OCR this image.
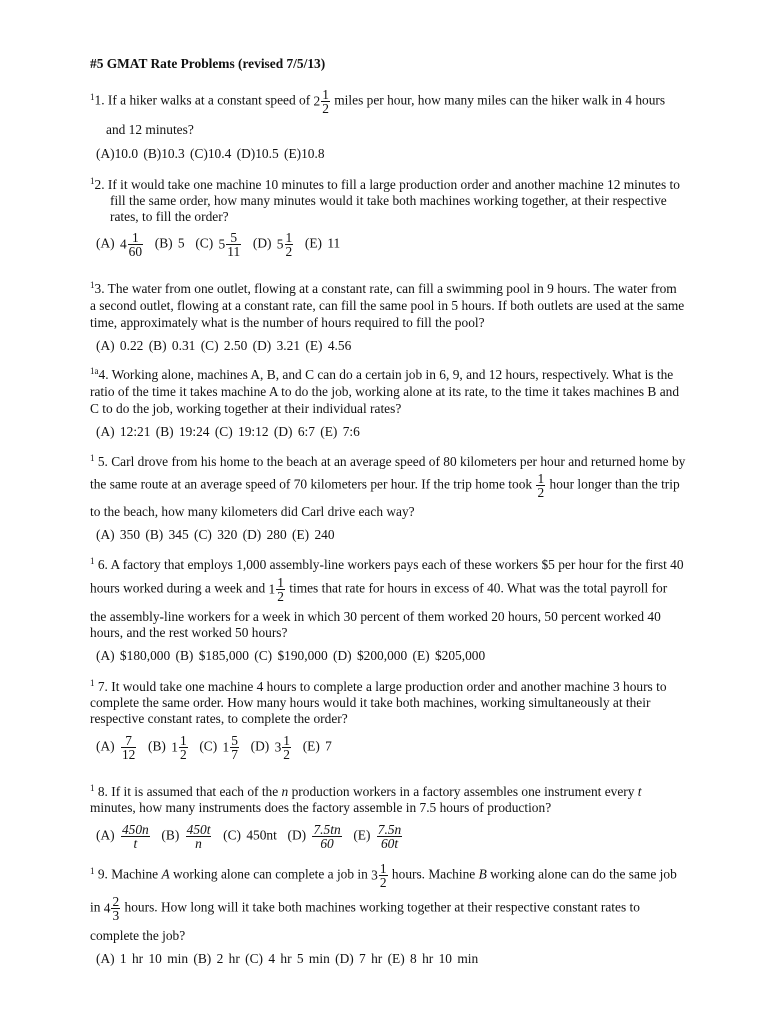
#5 GMAT Rate Problems (revised 7/5/13)
$^1$1. If a hiker walks at a constant speed of $2 \frac{1}{2}$ miles per hour, how many miles can the hiker walk in 4 hours
and 12 minutes?
(A)10.0 (B)10.3 (C)10.4 (D)10.5 (E)10.8
$^1$2. If it would take one machine 10 minutes to fill a large production order and another machine 12 minutes to
fill the same order, how many minutes would it take both machines working together, at their respective
rates, to fill the order?
(A) $4 \frac{1}{60} (B)$ 5 (C) $5 \frac{5}{11} (D)$ $5 \frac{1}{2} (E)$ 11
$^1$3. The water from one outlet, flowing at a constant rate, can fill a swimming pool in 9 hours. The water from
a second outlet, flowing at a constant rate, can fill the same pool in 5 hours. If both outlets are used at the same
time, approximately what is the number of hours required to fill the pool?
(A) 0.22 (B) 0.31 (C) 2.50 (D) 3.21 (E) 4.56
$^{1a}$4. Working alone, machines A, B, and C can do a certain job in 6, 9, and 12 hours, respectively. What is the
ratio of the time it takes machine A to do the job, working alone at its rate, to the time it takes machines B and
C to do the job, working together at their individual rates?
(A) 12:21 (B) 19:24 (C) 19:12 (D) 6:7 (E) 7:6
$^1$ 5. Carl drove from his home to the beach at an average speed of 80 kilometers per hour and returned home by
the same route at an average speed of 70 kilometers per hour. If the trip home took $\frac{1}{2}$ hour longer than the trip
to the beach, how many kilometers did Carl drive each way?
(A) 350 (B) 345 (C) 320 (D) 280 (E) 240
$^1$ 6. A factory that employs 1,000 assembly-line workers pays each of these workers $5 per hour for the first 40
hours worked during a week and $1 \frac{1}{2}$ times that rate for hours in excess of 40. What was the total payroll for
the assembly-line workers for a week in which 30 percent of them worked 20 hours, 50 percent worked 40
hours, and the rest worked 50 hours?
(A) $180,000 (B) $185,000 (C) $190,000 (D) $200,000 (E) $205,000
$^1$ 7. It would take one machine 4 hours to complete a large production order and another machine 3 hours to
complete the same order. How many hours would it take both machines, working simultaneously at their
respective constant rates, to complete the order?
$(A) \frac{7}{12} (B)$ $1 \frac{1}{2} (C)$ $1 \frac{5}{7} (D)$ $3 \frac{1}{2} (E)$ 7
$^1$ 8. If it is assumed that each of the n production workers in a factory assembles one instrument every t
minutes, how many instruments does the factory assemble in 7.5 hours of production?
$(A) \frac{450n}{t} (B) \frac{450t}{n} (C)$ 450nt $(D) \frac{7.5tn}{60} (E) \frac{7.5n}{60t}$
$^1$ 9. Machine A working alone can complete a job in $3 \frac{1}{2}$ hours. Machine B working alone can do the same job
in $4 \frac{2}{3}$ hours. How long will it take both machines working together at their respective constant rates to
complete the job?
(A) 1 hr 10 min (B) 2 hr (C) 4 hr 5 min (D) 7 hr (E) 8 hr 10 min
